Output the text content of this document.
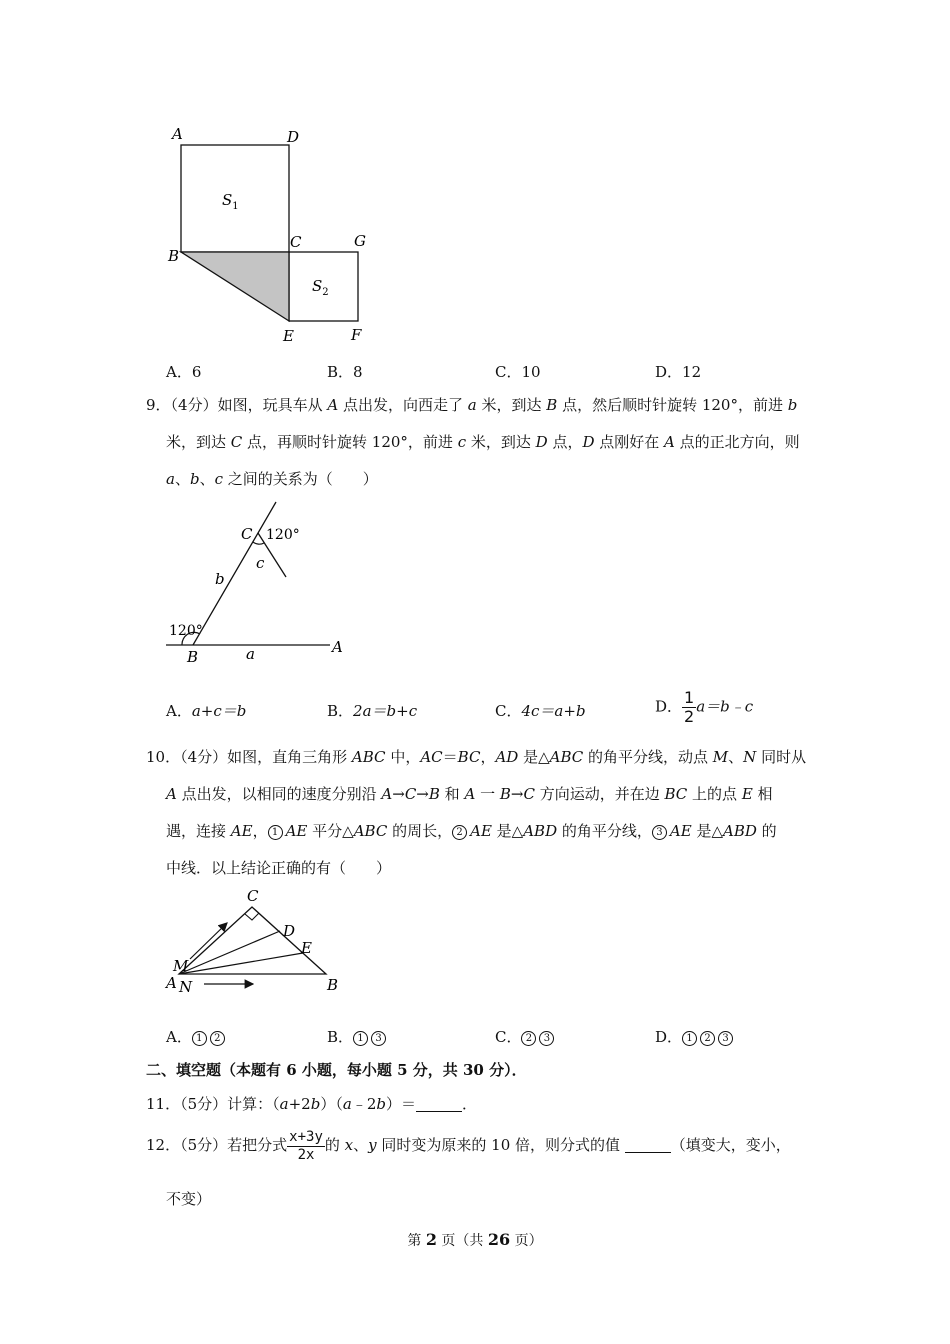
A	D
B
C	G
E	F
$S_1$
$S_2$
A．6	B．8	C．10	D．12
9．（4分）如图，玩具车从 A 点出发，向西走了 a 米，到达 B 点，然后顺时针旋转 120°，前进 b
米，到达 C 点，再顺时针旋转 120°，前进 c 米，到达 D 点，D 点刚好在 A 点的正北方向，则
a、b、c 之间的关系为（　　）
C 120°
c
b
120°
B	a	A
A．a+c＝b	B．2a＝b+c	C．4c＝a+b	D． $\frac{1}{2}$ a＝b﹣c
10．（4分）如图，直角三角形 ABC 中，AC＝BC，AD 是△ABC 的角平分线，动点 M、N 同时从
A 点出发，以相同的速度分别沿 A→C→B 和 A 一 B→C 方向运动，并在边 BC 上的点 E 相
遇，连接 AE， 1 AE 平分△ABC 的周长， 2 AE 是△ABD 的角平分线， 3 AE 是△ABD 的
中线．以上结论正确的有（　　）
C
D
E
M
A N	B
A． 1 2	B． 1 3	C． 2 3	D． 1 2 3
二、填空题（本题有 6 小题，每小题 5 分，共 30 分）．
11．（5分）计算：（a+2b）（a﹣2b）＝	．
12．（5分）若把分式 $\frac{x+3y}{2x}$ 的 x、y 同时变为原来的 10 倍，则分式的值	（填变大，变小，
不变）
第 2 页（共 26 页）
